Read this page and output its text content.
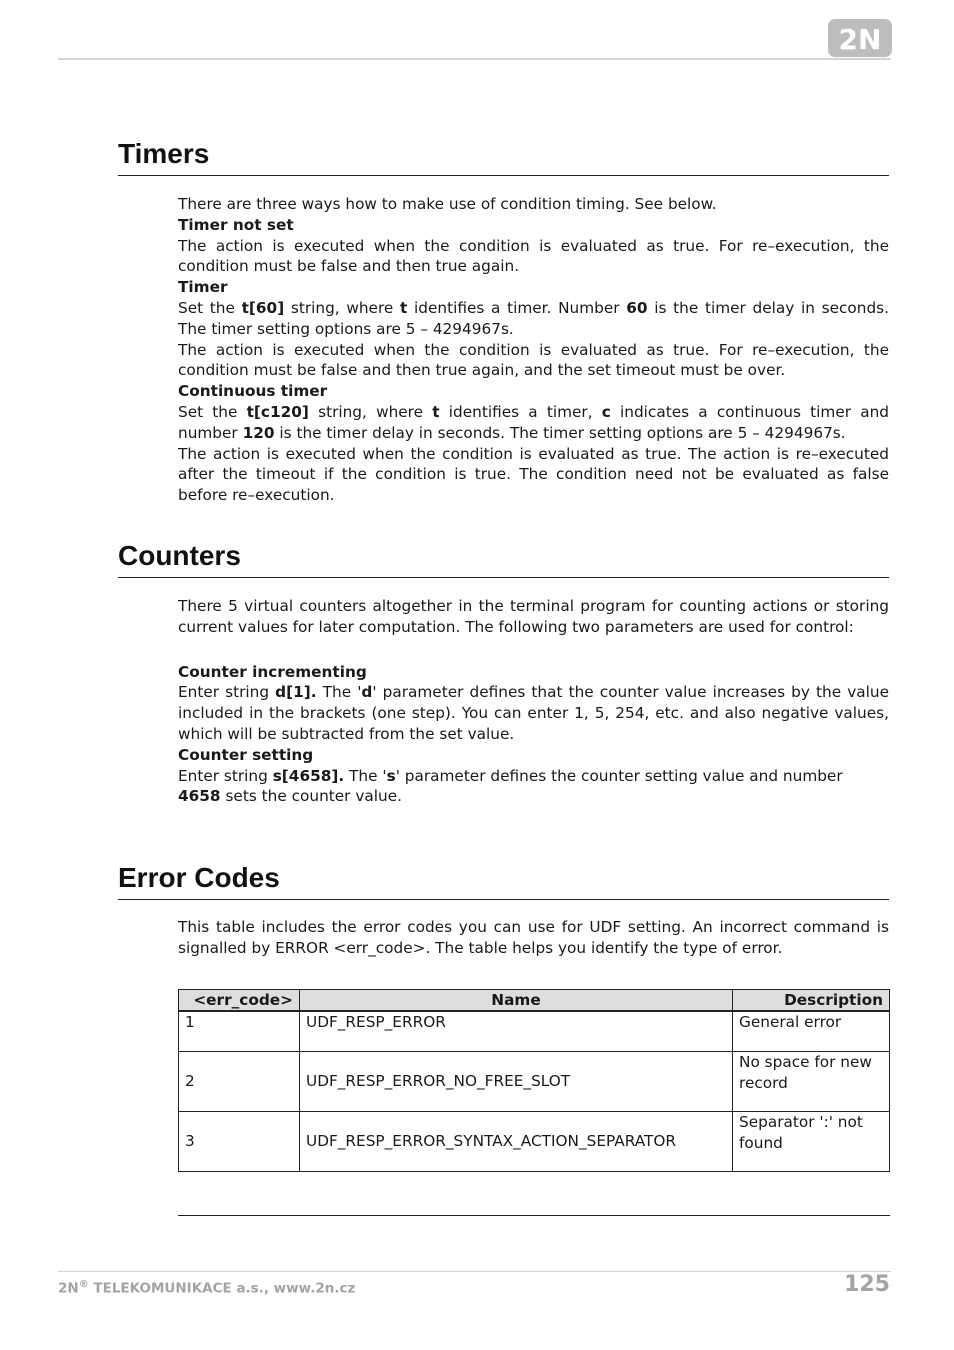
2N
Timers

There are three ways how to make use of condition timing. See below.

Timer not set

The action is executed when the condition is evaluated as true. For re–execution, the condition must be false and then true again.

Timer

Set the t[60] string, where t identifies a timer. Number 60 is the timer delay in seconds. The timer setting options are 5 – 4294967s.

The action is executed when the condition is evaluated as true. For re–execution, the condition must be false and then true again, and the set timeout must be over.

Continuous timer

Set the t[c120] string, where t identifies a timer, c indicates a continuous timer and number 120 is the timer delay in seconds. The timer setting options are 5 – 4294967s.

The action is executed when the condition is evaluated as true. The action is re–executed after the timeout if the condition is true. The condition need not be evaluated as false before re–execution.

Counters

There 5 virtual counters altogether in the terminal program for counting actions or storing current values for later computation. The following two parameters are used for control:

Counter incrementing

Enter string d[1]. The 'd' parameter defines that the counter value increases by the value included in the brackets (one step). You can enter 1, 5, 254, etc. and also negative values, which will be subtracted from the set value.

Counter setting

Enter string s[4658]. The 's' parameter defines the counter setting value and number 4658 sets the counter value.

Error Codes

This table includes the error codes you can use for UDF setting. An incorrect command is signalled by ERROR <err_code>. The table helps you identify the type of error.

<err_code>	Name	Description
1	UDF_RESP_ERROR	General error
2	UDF_RESP_ERROR_NO_FREE_SLOT	No space for new record
3	UDF_RESP_ERROR_SYNTAX_ACTION_SEPARATOR	Separator ':' not found
2N® TELEKOMUNIKACE a.s., www.2n.cz	125
